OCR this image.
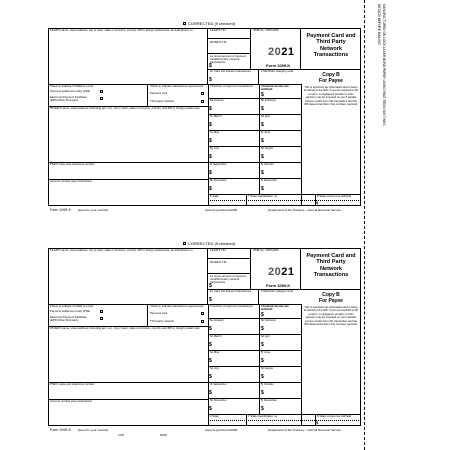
DETACH BEFORE MAILING MANUFACTURED ON LOCK LASER BOND PAPER USING HEAT RESISTANT INKS
CORRECTED (if checked)
FILER'S name, street address, city or town, state or province, country, ZIP or foreign postal code, and telephone no.	FILER'S TIN
PAYEE'S TIN
OMB No. 1545-2205
2021
Form 1099-K
Payment Card and
Third Party
Network
Transactions
1a Gross amount of payment card/third party network transactions
$
1b Card Not Present transactions
$
2 Merchant category code
Copy B
For Payee
Check to indicate if FILER is a (an):
Payment settlement entity (PSE)
Electronic Payment Facilitator (EPF)/Other third party
Check to indicate transactions reported are:
Payment card
Third party network
PAYEE'S name, street address (including apt. no.), city or town, state or province, country, and ZIP or foreign postal code
PSE'S name and telephone number
Account number (see instructions)
This is important tax information and is being furnished to the IRS. If you are required to file a return, a negligence penalty or other sanction may be imposed on you if taxable income results from this transaction and the IRS determines that it has not been reported.
3 Number of payment transactions	4 Federal income tax withheld
$
5a January
$
5b February
$
5c March
$
5d April
$
5e May
$
5f June
$
5g July
$
5h August
$
5i September
$
5j October
$
5k November
$
5l December
$
6 State	7 State identification no.	8 State income tax withheld
$
Form 1099-K (keep for your records)	www.irs.gov/Form1099K	Department of the Treasury - Internal Revenue Service
CORRECTED (if checked)
FILER'S name, street address, city or town, state or province, country, ZIP or foreign postal code, and telephone no.	FILER'S TIN
PAYEE'S TIN
OMB No. 1545-2205
2021
Form 1099-K
Payment Card and
Third Party
Network
Transactions
1a Gross amount of payment card/third party network transactions
$
1b Card Not Present transactions
$
2 Merchant category code
Copy B
For Payee
Check to indicate if FILER is a (an):
Payment settlement entity (PSE)
Electronic Payment Facilitator (EPF)/Other third party
Check to indicate transactions reported are:
Payment card
Third party network
PAYEE'S name, street address (including apt. no.), city or town, state or province, country, and ZIP or foreign postal code
PSE'S name and telephone number
Account number (see instructions)
This is important tax information and is being furnished to the IRS. If you are required to file a return, a negligence penalty or other sanction may be imposed on you if taxable income results from this transaction and the IRS determines that it has not been reported.
3 Number of payment transactions	4 Federal income tax withheld
$
5a January
$
5b February
$
5c March
$
5d April
$
5e May
$
5f June
$
5g July
$
5h August
$
5i September
$
5j October
$
5k November
$
5l December
$
6 State	7 State identification no.	8 State income tax withheld
$
Form 1099-K (keep for your records)	www.irs.gov/Form1099K	Department of the Treasury - Internal Revenue Service
LKB	5336
